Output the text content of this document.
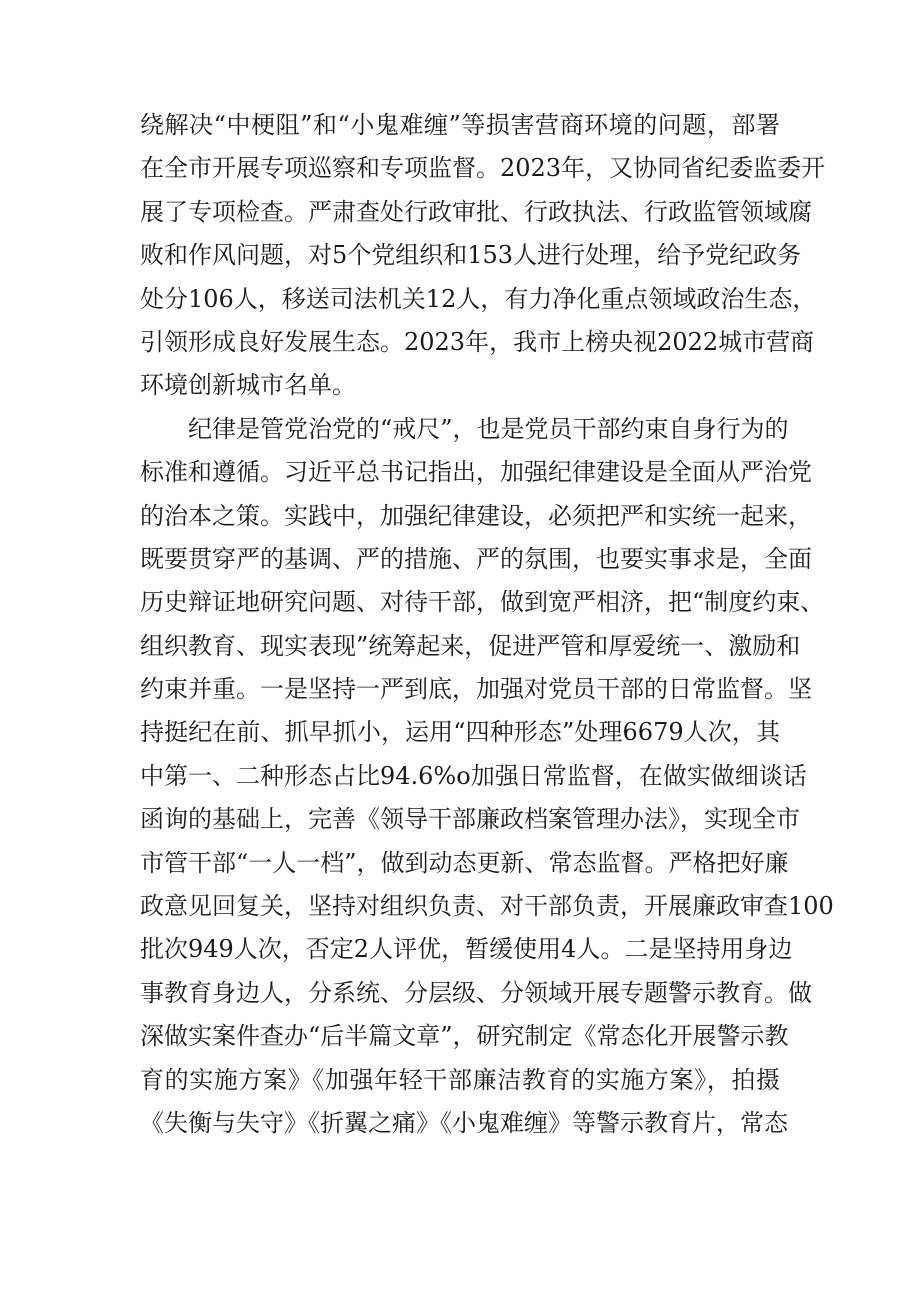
绕解决“中梗阻”和“小鬼难缠”等损害营商环境的问题，部署
在全市开展专项巡察和专项监督。2023年，又协同省纪委监委开
展了专项检查。严肃查处行政审批、行政执法、行政监管领域腐
败和作风问题，对5个党组织和153人进行处理，给予党纪政务
处分106人，移送司法机关12人，有力净化重点领域政治生态，
引领形成良好发展生态。2023年，我市上榜央视2022城市营商
环境创新城市名单。
纪律是管党治党的“戒尺”，也是党员干部约束自身行为的
标准和遵循。习近平总书记指出，加强纪律建设是全面从严治党
的治本之策。实践中，加强纪律建设，必须把严和实统一起来，
既要贯穿严的基调、严的措施、严的氛围，也要实事求是，全面
历史辩证地研究问题、对待干部，做到宽严相济，把“制度约束、
组织教育、现实表现”统筹起来，促进严管和厚爱统一、激励和
约束并重。一是坚持一严到底，加强对党员干部的日常监督。坚
持挺纪在前、抓早抓小，运用“四种形态”处理6679人次，其
中第一、二种形态占比94.6%o加强日常监督，在做实做细谈话
函询的基础上，完善《领导干部廉政档案管理办法》，实现全市
市管干部“一人一档”，做到动态更新、常态监督。严格把好廉
政意见回复关，坚持对组织负责、对干部负责，开展廉政审查100
批次949人次，否定2人评优，暂缓使用4人。二是坚持用身边
事教育身边人，分系统、分层级、分领域开展专题警示教育。做
深做实案件查办“后半篇文章”，研究制定《常态化开展警示教
育的实施方案》《加强年轻干部廉洁教育的实施方案》，拍摄
《失衡与失守》《折翼之痛》《小鬼难缠》等警示教育片，常态
